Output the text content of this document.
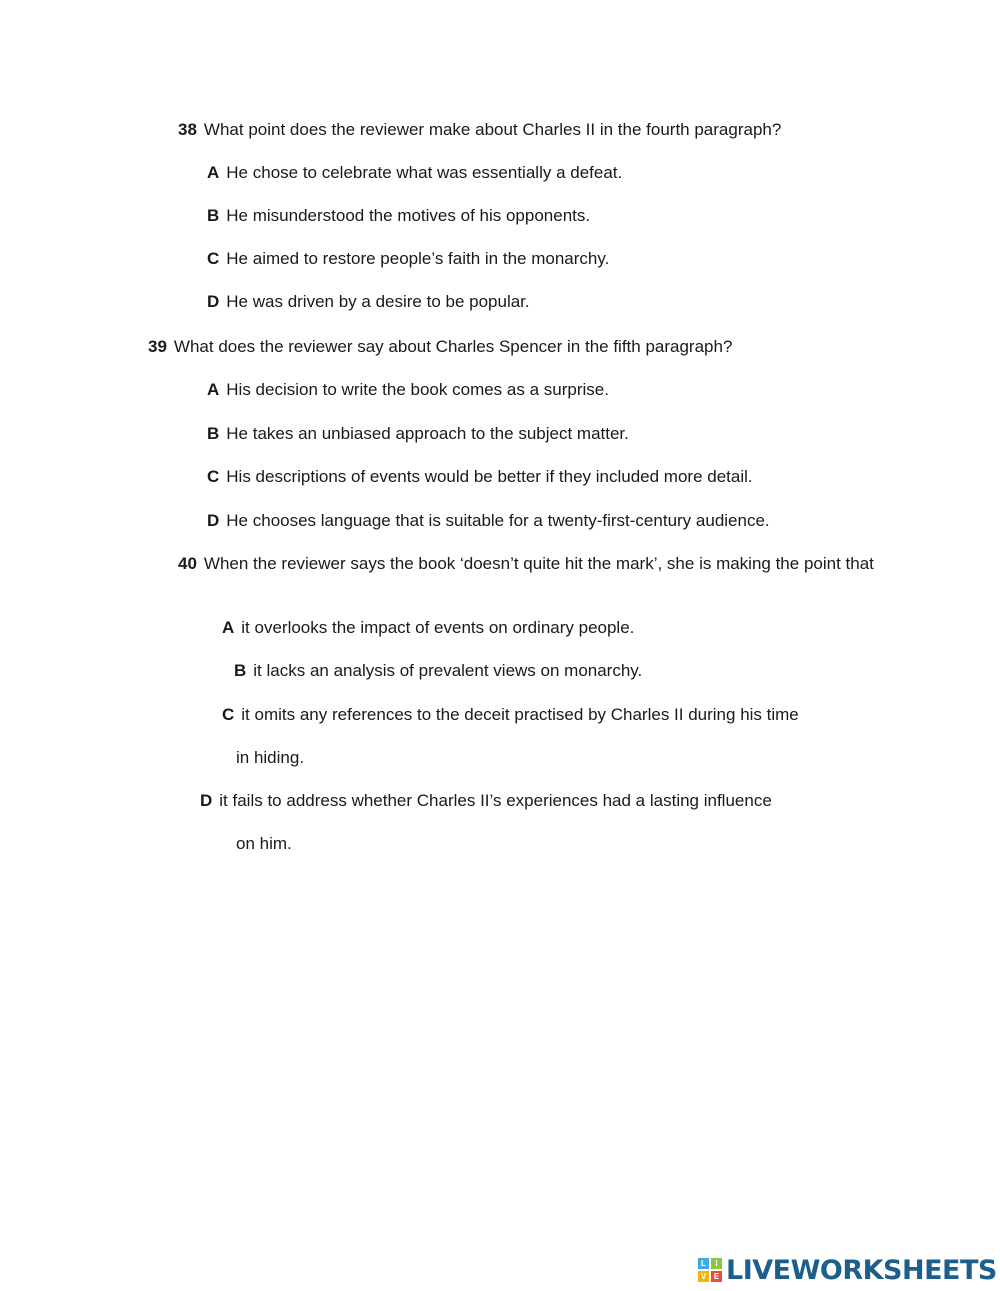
38 What point does the reviewer make about Charles II in the fourth paragraph?
A He chose to celebrate what was essentially a defeat.
B He misunderstood the motives of his opponents.
C He aimed to restore people’s faith in the monarchy.
D He was driven by a desire to be popular.
39 What does the reviewer say about Charles Spencer in the fifth paragraph?
A His decision to write the book comes as a surprise.
B He takes an unbiased approach to the subject matter.
C His descriptions of events would be better if they included more detail.
D He chooses language that is suitable for a twenty-first-century audience.
40 When the reviewer says the book ‘doesn’t quite hit the mark’, she is making the point that
A it overlooks the impact of events on ordinary people.
B it lacks an analysis of prevalent views on monarchy.
C it omits any references to the deceit practised by Charles II during his time
in hiding.
D it fails to address whether Charles II’s experiences had a lasting influence
on him.
L	I
V E LIVEWORKSHEETS
